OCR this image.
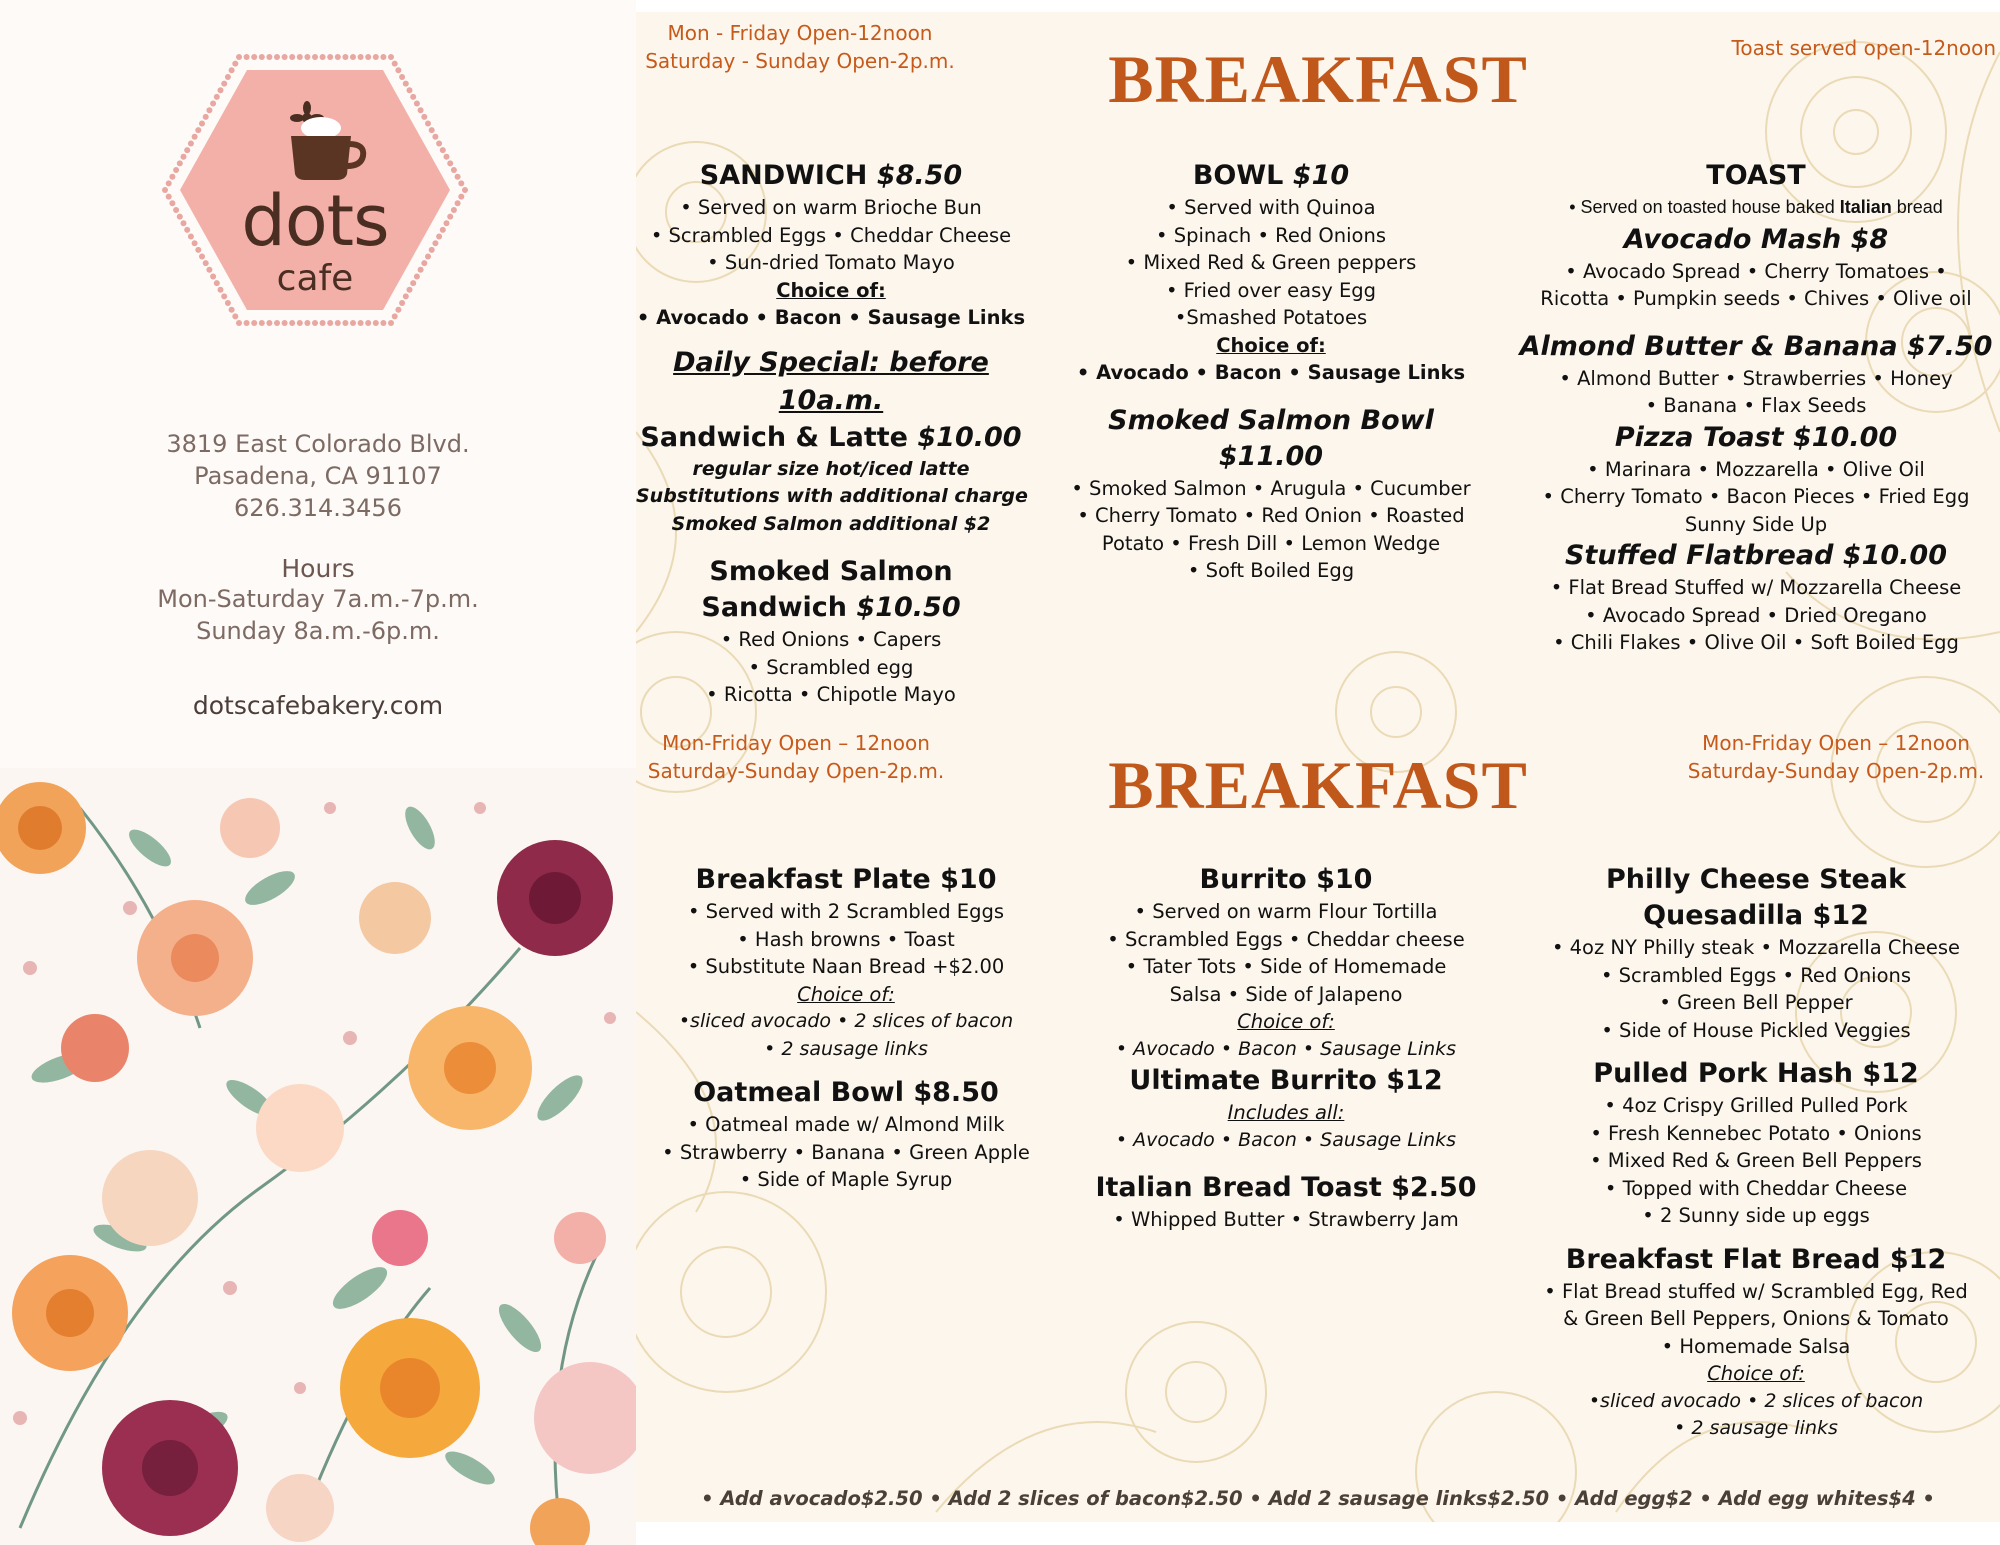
dots
cafe
3819 East Colorado Blvd.
Pasadena, CA 91107
626.314.3456
Hours
Mon-Saturday 7a.m.-7p.m.
Sunday 8a.m.-6p.m.
dotscafebakery.com
Mon - Friday Open-12noon
Saturday - Sunday Open-2p.m.
Toast served open-12noon
BREAKFAST
SANDWICH $8.50
• Served on warm Brioche Bun
• Scrambled Eggs • Cheddar Cheese
• Sun-dried Tomato Mayo
Choice of:
• Avocado • Bacon • Sausage Links
Daily Special: before 10a.m.
Sandwich & Latte $10.00
regular size hot/iced latte
Substitutions with additional charge
Smoked Salmon additional $2
Smoked Salmon
Sandwich $10.50
• Red Onions • Capers
• Scrambled egg
• Ricotta • Chipotle Mayo
BOWL $10
• Served with Quinoa
• Spinach • Red Onions
• Mixed Red & Green peppers
• Fried over easy Egg
•Smashed Potatoes
Choice of:
• Avocado • Bacon • Sausage Links
Smoked Salmon Bowl $11.00
• Smoked Salmon • Arugula • Cucumber
• Cherry Tomato • Red Onion • Roasted
Potato • Fresh Dill • Lemon Wedge
• Soft Boiled Egg
TOAST
• Served on toasted house baked Italian bread
Avocado Mash $8
• Avocado Spread • Cherry Tomatoes •
Ricotta • Pumpkin seeds • Chives • Olive oil
Almond Butter & Banana $7.50
• Almond Butter • Strawberries • Honey
• Banana • Flax Seeds
Pizza Toast $10.00
• Marinara • Mozzarella • Olive Oil
• Cherry Tomato • Bacon Pieces • Fried Egg
Sunny Side Up
Stuffed Flatbread $10.00
• Flat Bread Stuffed w/ Mozzarella Cheese
• Avocado Spread • Dried Oregano
• Chili Flakes • Olive Oil • Soft Boiled Egg
Mon-Friday Open – 12noon
Saturday-Sunday Open-2p.m.
Mon-Friday Open – 12noon
Saturday-Sunday Open-2p.m.
BREAKFAST
Breakfast Plate $10
• Served with 2 Scrambled Eggs
• Hash browns • Toast
• Substitute Naan Bread +$2.00
Choice of:
•sliced avocado • 2 slices of bacon
• 2 sausage links
Oatmeal Bowl $8.50
• Oatmeal made w/ Almond Milk
• Strawberry • Banana • Green Apple
• Side of Maple Syrup
Burrito $10
• Served on warm Flour Tortilla
• Scrambled Eggs • Cheddar cheese
• Tater Tots • Side of Homemade
Salsa • Side of Jalapeno
Choice of:
• Avocado • Bacon • Sausage Links
Ultimate Burrito $12
Includes all:
• Avocado • Bacon • Sausage Links
Italian Bread Toast $2.50
• Whipped Butter • Strawberry Jam
Philly Cheese Steak
Quesadilla $12
• 4oz NY Philly steak • Mozzarella Cheese
• Scrambled Eggs • Red Onions
• Green Bell Pepper
• Side of House Pickled Veggies
Pulled Pork Hash $12
• 4oz Crispy Grilled Pulled Pork
• Fresh Kennebec Potato • Onions
• Mixed Red & Green Bell Peppers
• Topped with Cheddar Cheese
• 2 Sunny side up eggs
Breakfast Flat Bread $12
• Flat Bread stuffed w/ Scrambled Egg, Red
& Green Bell Peppers, Onions & Tomato
• Homemade Salsa
Choice of:
•sliced avocado • 2 slices of bacon
• 2 sausage links
• Add avocado$2.50 • Add 2 slices of bacon$2.50 • Add 2 sausage links$2.50 • Add egg$2 • Add egg whites$4 •
